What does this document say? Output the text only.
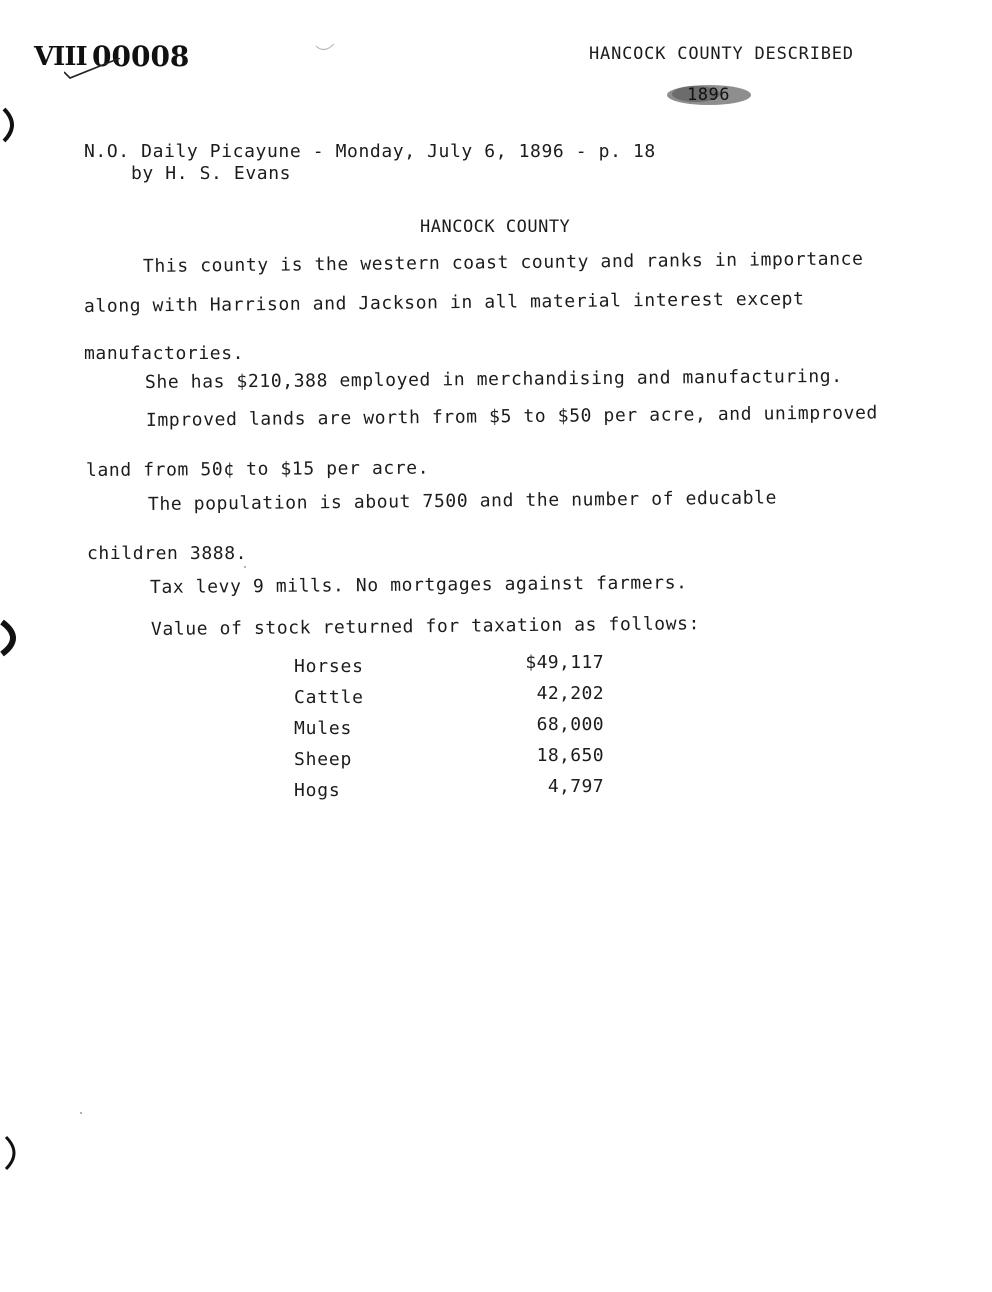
VIII 00008	HANCOCK COUNTY DESCRIBED
1896
N.O. Daily Picayune - Monday, July 6, 1896 - p. 18
by H. S. Evans
HANCOCK COUNTY
This county is the western coast county and ranks in importance
along with Harrison and Jackson in all material interest except
manufactories.
She has $210,388 employed in merchandising and manufacturing.
Improved lands are worth from $5 to $50 per acre, and unimproved
land from 50¢ to $15 per acre.
The population is about 7500 and the number of educable
children 3888.
Tax levy 9 mills. No mortgages against farmers.
Value of stock returned for taxation as follows:
Horses	$49,117
Cattle	42,202
Mules	68,000
Sheep	18,650
Hogs	4,797
